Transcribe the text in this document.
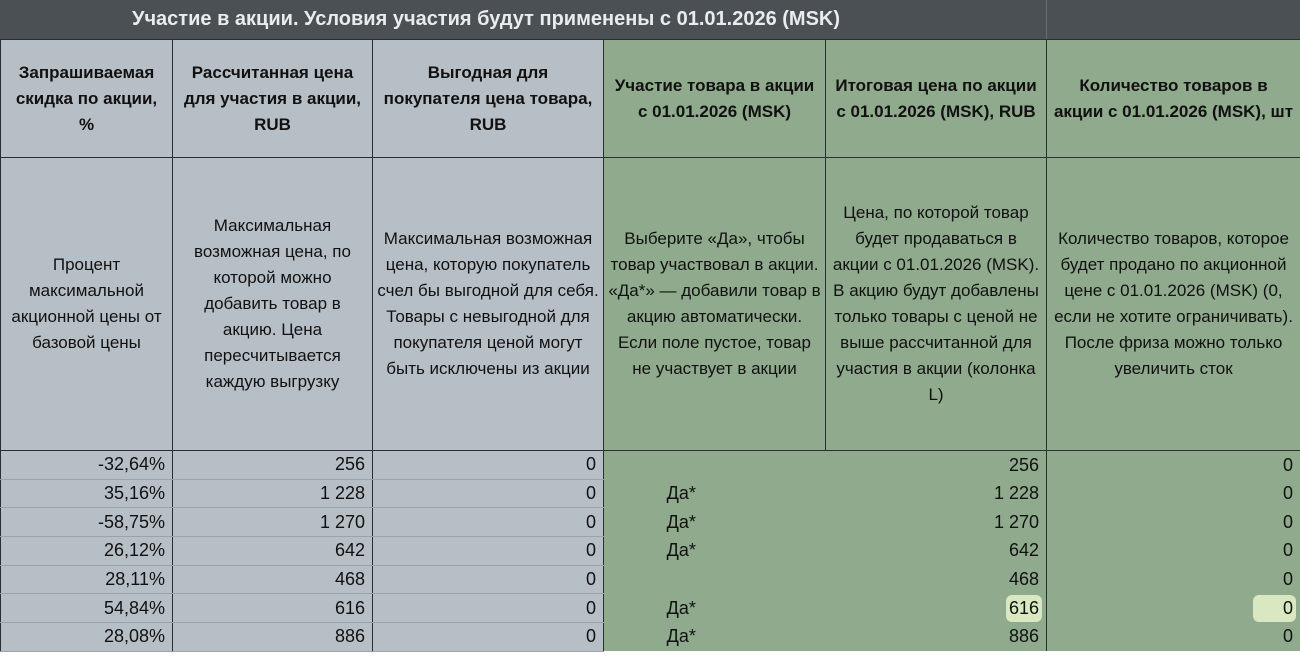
Участие в акции. Условия участия будут применены с 01.01.2026 (MSK)
Запрашиваемая скидка по акции, %	Рассчитанная цена для участия в акции, RUB	Выгодная для покупателя цена товара, RUB	Участие товара в акции с 01.01.2026 (MSK)	Итоговая цена по акции с 01.01.2026 (MSK), RUB	Количество товаров в акции с 01.01.2026 (MSK), шт
Процент максимальной акционной цены от базовой цены	Максимальная возможная цена, по которой можно добавить товар в акцию. Цена пересчитывается каждую выгрузку	Максимальная возможная цена, которую покупатель счел бы выгодной для себя. Товары с невыгодной для покупателя ценой могут быть исключены из акции	Выберите «Да», чтобы товар участвовал в акции. «Да*» — добавили товар в акцию автоматически. Если поле пустое, товар не участвует в акции	Цена, по которой товар будет продаваться в акции с 01.01.2026 (MSK). В акцию будут добавлены только товары с ценой не выше рассчитанной для участия в акции (колонка L)	Количество товаров, которое будет продано по акционной цене с 01.01.2026 (MSK) (0, если не хотите ограничивать). После фриза можно только увеличить сток
-32,64%	256	0		256	0
35,16%	1 228	0	Да*	1 228	0
-58,75%	1 270	0	Да*	1 270	0
26,12%	642	0	Да*	642	0
28,11%	468	0		468	0
54,84%	616	0	Да*	616	0
28,08%	886	0	Да*	886	0
